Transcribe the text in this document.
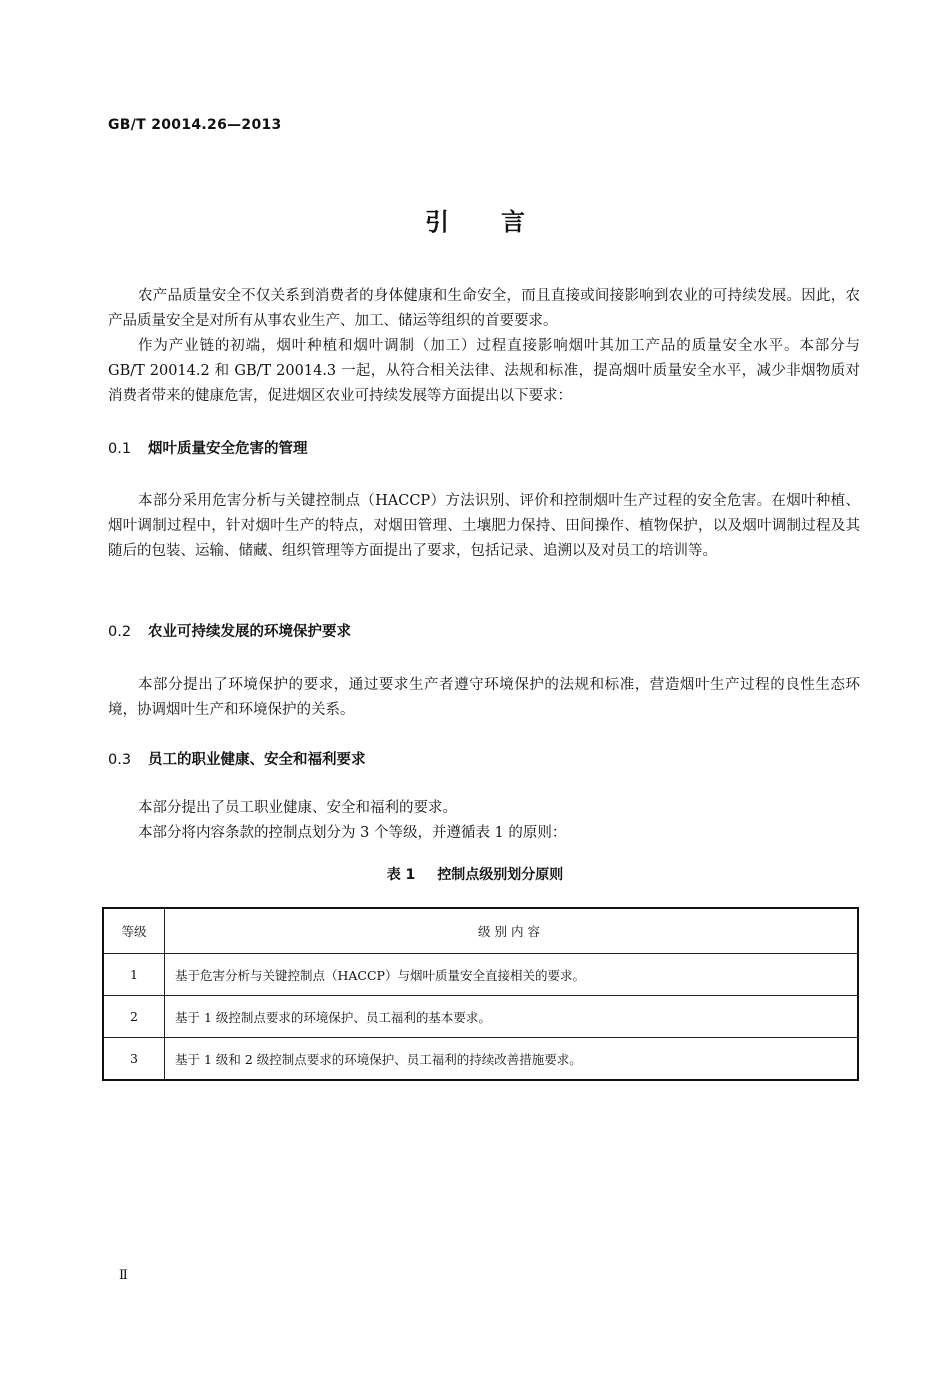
GB/T 20014.26—2013
引言

农产品质量安全不仅关系到消费者的身体健康和生命安全，而且直接或间接影响到农业的可持续发展。因此，农产品质量安全是对所有从事农业生产、加工、储运等组织的首要要求。

作为产业链的初端，烟叶种植和烟叶调制（加工）过程直接影响烟叶其加工产品的质量安全水平。本部分与 GB/T 20014.2 和 GB/T 20014.3 一起，从符合相关法律、法规和标准，提高烟叶质量安全水平，减少非烟物质对消费者带来的健康危害，促进烟区农业可持续发展等方面提出以下要求：

0.1 烟叶质量安全危害的管理

本部分采用危害分析与关键控制点（HACCP）方法识别、评价和控制烟叶生产过程的安全危害。在烟叶种植、烟叶调制过程中，针对烟叶生产的特点，对烟田管理、土壤肥力保持、田间操作、植物保护，以及烟叶调制过程及其随后的包装、运输、储藏、组织管理等方面提出了要求，包括记录、追溯以及对员工的培训等。

0.2 农业可持续发展的环境保护要求

本部分提出了环境保护的要求，通过要求生产者遵守环境保护的法规和标准，营造烟叶生产过程的良性生态环境，协调烟叶生产和环境保护的关系。

0.3 员工的职业健康、安全和福利要求

本部分提出了员工职业健康、安全和福利的要求。

本部分将内容条款的控制点划分为 3 个等级，并遵循表 1 的原则：

表 1 控制点级别划分原则
等级	级别内容
1	基于危害分析与关键控制点（HACCP）与烟叶质量安全直接相关的要求。
2	基于 1 级控制点要求的环境保护、员工福利的基本要求。
3	基于 1 级和 2 级控制点要求的环境保护、员工福利的持续改善措施要求。
Ⅱ
